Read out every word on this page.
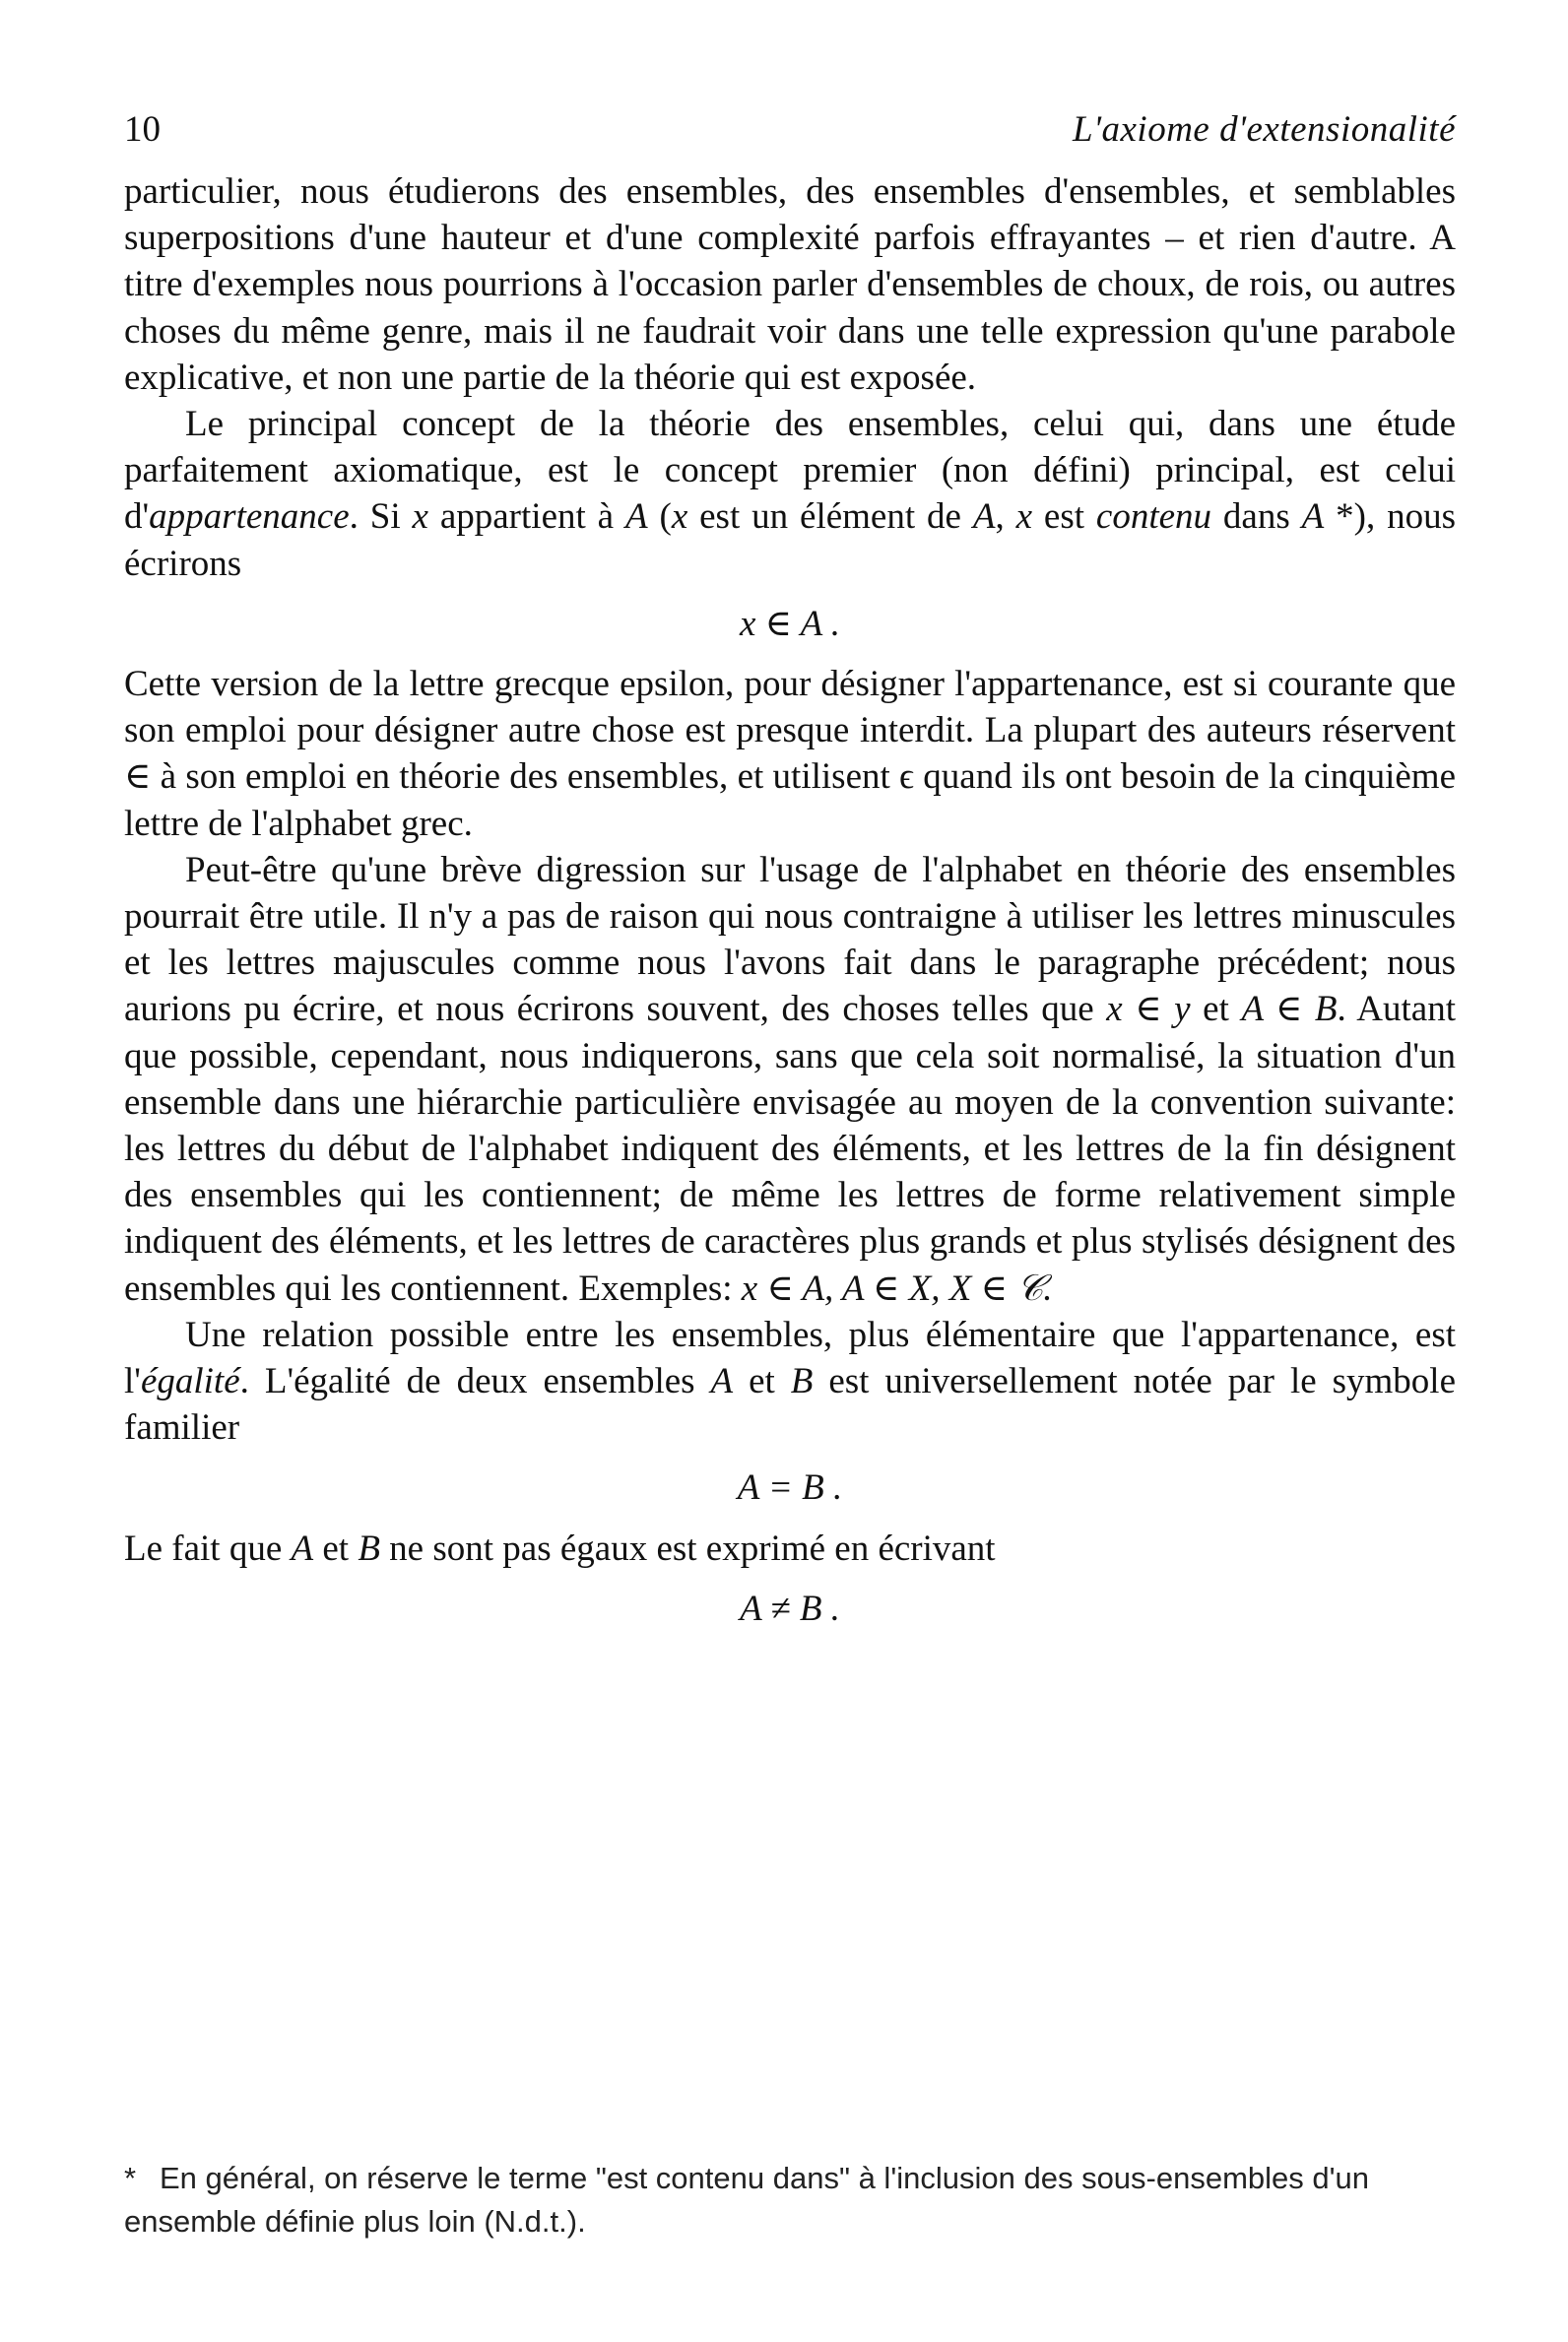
10	L'axiome d'extensionalité

particulier, nous étudierons des ensembles, des ensembles d'ensembles, et semblables superpositions d'une hauteur et d'une complexité parfois effrayantes – et rien d'autre. A titre d'exemples nous pourrions à l'occasion parler d'ensembles de choux, de rois, ou autres choses du même genre, mais il ne faudrait voir dans une telle expression qu'une parabole explicative, et non une partie de la théorie qui est exposée.

Le principal concept de la théorie des ensembles, celui qui, dans une étude parfaitement axiomatique, est le concept premier (non défini) principal, est celui d'appartenance. Si x appartient à A (x est un élément de A, x est contenu dans A *), nous écrirons

x ∈ A .

Cette version de la lettre grecque epsilon, pour désigner l'appartenance, est si courante que son emploi pour désigner autre chose est presque interdit. La plupart des auteurs réservent ∈ à son emploi en théorie des ensembles, et utilisent ϵ quand ils ont besoin de la cinquième lettre de l'alphabet grec.

Peut-être qu'une brève digression sur l'usage de l'alphabet en théorie des ensembles pourrait être utile. Il n'y a pas de raison qui nous contraigne à utiliser les lettres minuscules et les lettres majuscules comme nous l'avons fait dans le paragraphe précédent; nous aurions pu écrire, et nous écrirons souvent, des choses telles que x ∈ y et A ∈ B. Autant que possible, cependant, nous indiquerons, sans que cela soit normalisé, la situation d'un ensemble dans une hiérarchie particulière envisagée au moyen de la convention suivante: les lettres du début de l'alphabet indiquent des éléments, et les lettres de la fin désignent des ensembles qui les contiennent; de même les lettres de forme relativement simple indiquent des éléments, et les lettres de caractères plus grands et plus stylisés désignent des ensembles qui les contiennent. Exemples: x ∈ A, A ∈ X, X ∈ 𝒞.

Une relation possible entre les ensembles, plus élémentaire que l'appartenance, est l'égalité. L'égalité de deux ensembles A et B est universellement notée par le symbole familier

A = B .

Le fait que A et B ne sont pas égaux est exprimé en écrivant

A ≠ B .
* En général, on réserve le terme "est contenu dans" à l'inclusion des sous-ensembles d'un ensemble définie plus loin (N.d.t.).
